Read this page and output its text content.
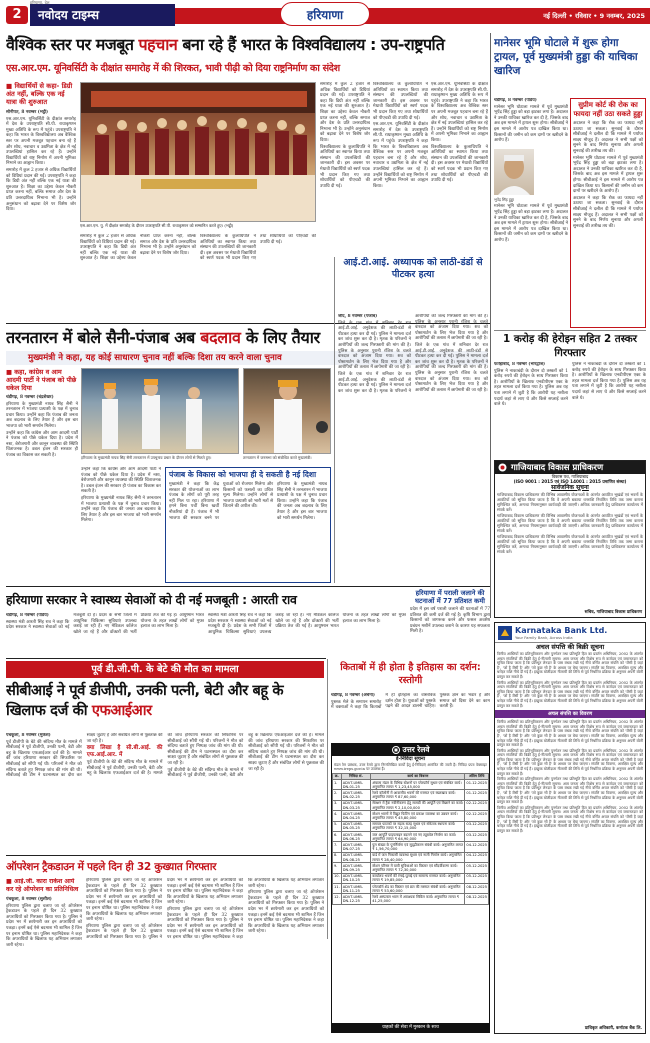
2	नवोदय टाइम्स
हरियाणा, देश
हरियाणा	नई दिल्ली • रविवार • 9 नवम्बर, 2025
वैश्विक स्तर पर मजबूत पहचान बना रहे हैं भारत के विश्वविद्यालय : उप-राष्ट्रपति
एस.आर.एम. यूनिवर्सिटी के दीक्षांत समारोह में की शिरकत, भावी पीढ़ी को दिया राष्ट्रनिर्माण का संदेश
■ विद्यार्थियों से कहा- डिग्री अंत नहीं, बल्कि एक नई यात्रा की शुरुआत

सोनीपत, 8 नवम्बर (भट्ठी)

एस.आर.एम. यूनिवर्सिटी के दीक्षांत समारोह में देश के उपराष्ट्रपति सी.पी. राधाकृष्णन मुख्य अतिथि के रूप में पहुंचे। उपराष्ट्रपति ने कहा कि भारत के विश्वविद्यालय अब वैश्विक स्तर पर अपनी मजबूत पहचान बना रहे हैं और शोध, नवाचार व उद्यमिता के क्षेत्र में नई उपलब्धियां हासिल कर रहे हैं। उन्होंने विद्यार्थियों को राष्ट्र निर्माण में अपनी भूमिका निभाने का आह्वान किया।

समारोह में कुल 2 हजार से अधिक विद्यार्थियों को डिग्रियां प्रदान की गईं। उपराष्ट्रपति ने कहा कि डिग्री अंत नहीं बल्कि एक नई यात्रा की शुरुआत है। शिक्षा का उद्देश्य केवल नौकरी प्राप्त करना नहीं, बल्कि समाज और देश के प्रति उत्तरदायित्व निभाना भी है। उन्होंने अनुसंधान को बढ़ावा देने पर विशेष जोर दिया।

एस.आर.एम. यू. में दीक्षांत समारोह के दौरान उपराष्ट्रपति सी.पी. राधाकृष्णन को सम्मानित करते हुए। (भट्ठी)

समारोह में कुल 2 हजार से अधिक विद्यार्थियों को डिग्रियां प्रदान की गईं। उपराष्ट्रपति ने कहा कि डिग्री अंत नहीं बल्कि एक नई यात्रा की शुरुआत है। शिक्षा का उद्देश्य केवल नौकरी प्राप्त करना नहीं, बल्कि समाज और देश के प्रति उत्तरदायित्व निभाना भी है। उन्होंने अनुसंधान को बढ़ावा देने पर विशेष जोर दिया।

विश्वविद्यालय के कुलाधिपति ने अतिथियों का स्वागत किया तथा संस्थान की उपलब्धियों की जानकारी दी। इस अवसर पर मेधावी विद्यार्थियों को स्वर्ण पदक भी प्रदान किए गए तथा शोधार्थियों को पीएचडी की उपाधि दी गई।

विश्वविद्यालय के कुलाधिपति ने अतिथियों का स्वागत किया तथा संस्थान की उपलब्धियों की जानकारी दी। इस अवसर पर मेधावी विद्यार्थियों को स्वर्ण पदक भी प्रदान किए गए तथा शोधार्थियों को पीएचडी की उपाधि दी गई।

एस.आर.एम. यूनिवर्सिटी के दीक्षांत समारोह में देश के उपराष्ट्रपति सी.पी. राधाकृष्णन मुख्य अतिथि के रूप में पहुंचे। उपराष्ट्रपति ने कहा कि भारत के विश्वविद्यालय अब वैश्विक स्तर पर अपनी मजबूत पहचान बना रहे हैं और शोध, नवाचार व उद्यमिता के क्षेत्र में नई उपलब्धियां हासिल कर रहे हैं। उन्होंने विद्यार्थियों को राष्ट्र निर्माण में अपनी भूमिका निभाने का आह्वान किया।

एस.आर.एम. यूनिवर्सिटी के दीक्षांत समारोह में देश के उपराष्ट्रपति सी.पी. राधाकृष्णन मुख्य अतिथि के रूप में पहुंचे। उपराष्ट्रपति ने कहा कि भारत के विश्वविद्यालय अब वैश्विक स्तर पर अपनी मजबूत पहचान बना रहे हैं और शोध, नवाचार व उद्यमिता के क्षेत्र में नई उपलब्धियां हासिल कर रहे हैं। उन्होंने विद्यार्थियों को राष्ट्र निर्माण में अपनी भूमिका निभाने का आह्वान किया।

विश्वविद्यालय के कुलाधिपति ने अतिथियों का स्वागत किया तथा संस्थान की उपलब्धियों की जानकारी दी। इस अवसर पर मेधावी विद्यार्थियों को स्वर्ण पदक भी प्रदान किए गए तथा शोधार्थियों को पीएचडी की उपाधि दी गई।

समारोह में कुल 2 हजार से अधिक विद्यार्थियों को डिग्रियां प्रदान की गईं। उपराष्ट्रपति ने कहा कि डिग्री अंत नहीं बल्कि एक नई यात्रा की शुरुआत है। शिक्षा का उद्देश्य केवल नौकरी प्राप्त करना नहीं, बल्कि समाज और देश के प्रति उत्तरदायित्व निभाना भी है। उन्होंने अनुसंधान को बढ़ावा देने पर विशेष जोर दिया।

विश्वविद्यालय के कुलाधिपति ने अतिथियों का स्वागत किया तथा संस्थान की उपलब्धियों की जानकारी दी। इस अवसर पर मेधावी विद्यार्थियों को स्वर्ण पदक भी प्रदान किए गए तथा शोधार्थियों को पीएचडी की उपाधि दी गई।

मानेसर भूमि घोटाले में शुरू होगा ट्रायल, पूर्व मुख्यमंत्री हुड्डा की याचिका खारिज

चंडीगढ़, 8 नवम्बर (पांडेय)

मानेसर भूमि घोटाला मामले में पूर्व मुख्यमंत्री भूपेंद्र सिंह हुड्डा को बड़ा झटका लगा है। अदालत ने उनकी याचिका खारिज कर दी है, जिसके बाद अब इस मामले में ट्रायल शुरू होगा। सीबीआई ने इस मामले में आरोप पत्र दाखिल किया था। किसानों की जमीन को कम दामों पर खरीदने के आरोप हैं।

भूपेंद्र सिंह हुड्डा

मानेसर भूमि घोटाला मामले में पूर्व मुख्यमंत्री भूपेंद्र सिंह हुड्डा को बड़ा झटका लगा है। अदालत ने उनकी याचिका खारिज कर दी है, जिसके बाद अब इस मामले में ट्रायल शुरू होगा। सीबीआई ने इस मामले में आरोप पत्र दाखिल किया था। किसानों की जमीन को कम दामों पर खरीदने के आरोप हैं।

सुप्रीम कोर्ट की रोक का फायदा नहीं उठा सकते हुड्डा

अदालत ने कहा कि रोक का फायदा नहीं उठाया जा सकता। सुनवाई के दौरान सीबीआई ने दलील दी कि मामले में पर्याप्त साक्ष्य मौजूद हैं। अदालत ने सभी पक्षों को सुनने के बाद निर्णय सुनाया और अगली सुनवाई की तारीख तय की।

मानेसर भूमि घोटाला मामले में पूर्व मुख्यमंत्री भूपेंद्र सिंह हुड्डा को बड़ा झटका लगा है। अदालत ने उनकी याचिका खारिज कर दी है, जिसके बाद अब इस मामले में ट्रायल शुरू होगा। सीबीआई ने इस मामले में आरोप पत्र दाखिल किया था। किसानों की जमीन को कम दामों पर खरीदने के आरोप हैं।

अदालत ने कहा कि रोक का फायदा नहीं उठाया जा सकता। सुनवाई के दौरान सीबीआई ने दलील दी कि मामले में पर्याप्त साक्ष्य मौजूद हैं। अदालत ने सभी पक्षों को सुनने के बाद निर्णय सुनाया और अगली सुनवाई की तारीख तय की।

तरनतारन में बोले सैनी-पंजाब अब बदलाव के लिए तैयार
मुख्यमंत्री ने कहा, यह कोई साधारण चुनाव नहीं बल्कि दिशा तय करने वाला चुनाव
■ कहा, कांग्रेस व आम आदमी पार्टी ने पंजाब को पीछे धकेल दिया

चंडीगढ़, 8 नवम्बर (चंद्रशेखर)

हरियाणा के मुख्यमंत्री नायब सिंह सैनी ने तरनतारन में भाजपा प्रत्याशी के पक्ष में चुनाव प्रचार किया। उन्होंने कहा कि पंजाब की जनता अब बदलाव के लिए तैयार है और इस बार भाजपा को भारी समर्थन मिलेगा।

उन्होंने कहा कि कांग्रेस और आम आदमी पार्टी ने पंजाब को पीछे धकेल दिया है। प्रदेश में नशा, बेरोजगारी और कानून व्यवस्था की स्थिति चिंताजनक है। डबल इंजन की सरकार ही पंजाब का विकास कर सकती है।	हरियाणा के मुख्यमंत्री नायब सिंह सैनी तरनतारन में उपचुनाव प्रचार के दौरान लोगों से मिलते हुए।	तरनतारन में जनसभा को संबोधित करते मुख्यमंत्री।

उन्होंने कहा कि कांग्रेस और आम आदमी पार्टी ने पंजाब को पीछे धकेल दिया है। प्रदेश में नशा, बेरोजगारी और कानून व्यवस्था की स्थिति चिंताजनक है। डबल इंजन की सरकार ही पंजाब का विकास कर सकती है।

हरियाणा के मुख्यमंत्री नायब सिंह सैनी ने तरनतारन में भाजपा प्रत्याशी के पक्ष में चुनाव प्रचार किया। उन्होंने कहा कि पंजाब की जनता अब बदलाव के लिए तैयार है और इस बार भाजपा को भारी समर्थन मिलेगा।

पंजाब के विकास को भाजपा ही दे सकती है नई दिशा

मुख्यमंत्री ने कहा कि केंद्र सरकार की योजनाओं का लाभ पंजाब के लोगों को पूरी तरह नहीं मिल पा रहा। हरियाणा में हमने बिना पर्ची बिना खर्ची नौकरियां दी हैं। पंजाब में भी भाजपा की सरकार बनने पर युवाओं को रोजगार मिलेगा और किसानों को फसलों का उचित मूल्य मिलेगा। उन्होंने लोगों से भाजपा प्रत्याशी को भारी मतों से जिताने की अपील की।

हरियाणा के मुख्यमंत्री नायब सिंह सैनी ने तरनतारन में भाजपा प्रत्याशी के पक्ष में चुनाव प्रचार किया। उन्होंने कहा कि पंजाब की जनता अब बदलाव के लिए तैयार है और इस बार भाजपा को भारी समर्थन मिलेगा।

आई.टी.आई. अध्यापक को लाठी-डंडों से पीटकर हत्या

जींद, 8 नवम्बर (पंजाब)

जिले के एक गांव में शनिवार देर रात आई.टी.आई. अनुदेशक की लाठी-डंडों से पीटकर हत्या कर दी गई। पुलिस ने मामला दर्ज कर जांच शुरू कर दी है। मृतक के परिजनों ने आरोपियों की जल्द गिरफ्तारी की मांग की है। पुलिस के अनुसार पुरानी रंजिश के चलते वारदात को अंजाम दिया गया। शव को पोस्टमार्टम के लिए भेज दिया गया है और आरोपियों की तलाश में छापेमारी की जा रही है।

जिले के एक गांव में शनिवार देर रात आई.टी.आई. अनुदेशक की लाठी-डंडों से पीटकर हत्या कर दी गई। पुलिस ने मामला दर्ज कर जांच शुरू कर दी है। मृतक के परिजनों ने आरोपियों की जल्द गिरफ्तारी की मांग की है। पुलिस के अनुसार पुरानी रंजिश के चलते वारदात को अंजाम दिया गया। शव को पोस्टमार्टम के लिए भेज दिया गया है और आरोपियों की तलाश में छापेमारी की जा रही है।

जिले के एक गांव में शनिवार देर रात आई.टी.आई. अनुदेशक की लाठी-डंडों से पीटकर हत्या कर दी गई। पुलिस ने मामला दर्ज कर जांच शुरू कर दी है। मृतक के परिजनों ने आरोपियों की जल्द गिरफ्तारी की मांग की है। पुलिस के अनुसार पुरानी रंजिश के चलते वारदात को अंजाम दिया गया। शव को पोस्टमार्टम के लिए भेज दिया गया है और आरोपियों की तलाश में छापेमारी की जा रही है।

1 करोड़ की हेरोइन सहित 2 तस्कर गिरफ्तार

फतेहाबाद, 8 नवम्बर (भारद्वाज)

पुलिस ने नाकाबंदी के दौरान दो तस्करों को 1 करोड़ रुपये की हेरोइन के साथ गिरफ्तार किया है। आरोपियों के खिलाफ एनडीपीएस एक्ट के तहत मामला दर्ज किया गया है। पुलिस अब यह पता लगाने में जुटी है कि आरोपी यह नशीला पदार्थ कहां से लाए थे और किसे सप्लाई करने वाले थे।

पुलिस ने नाकाबंदी के दौरान दो तस्करों को 1 करोड़ रुपये की हेरोइन के साथ गिरफ्तार किया है। आरोपियों के खिलाफ एनडीपीएस एक्ट के तहत मामला दर्ज किया गया है। पुलिस अब यह पता लगाने में जुटी है कि आरोपी यह नशीला पदार्थ कहां से लाए थे और किसे सप्लाई करने वाले थे।

गाजियाबाद विकास प्राधिकरण
विकास पथ, गाजियाबाद
(ISO 9001 : 2015 एवं ISO 14001 : 2015 प्रमाणित संस्था)
सार्वजनिक सूचना

गाजियाबाद विकास प्राधिकरण की विभिन्न आवासीय योजनाओं के अंतर्गत आवंटित भूखंडों एवं भवनों के आवंटियों को सूचित किया जाता है कि वे अपनी बकाया धनराशि निर्धारित तिथि तक जमा कराना सुनिश्चित करें, अन्यथा नियमानुसार कार्यवाही की जाएगी। अधिक जानकारी हेतु प्राधिकरण कार्यालय में संपर्क करें।

गाजियाबाद विकास प्राधिकरण की विभिन्न आवासीय योजनाओं के अंतर्गत आवंटित भूखंडों एवं भवनों के आवंटियों को सूचित किया जाता है कि वे अपनी बकाया धनराशि निर्धारित तिथि तक जमा कराना सुनिश्चित करें, अन्यथा नियमानुसार कार्यवाही की जाएगी। अधिक जानकारी हेतु प्राधिकरण कार्यालय में संपर्क करें।

गाजियाबाद विकास प्राधिकरण की विभिन्न आवासीय योजनाओं के अंतर्गत आवंटित भूखंडों एवं भवनों के आवंटियों को सूचित किया जाता है कि वे अपनी बकाया धनराशि निर्धारित तिथि तक जमा कराना सुनिश्चित करें, अन्यथा नियमानुसार कार्यवाही की जाएगी। अधिक जानकारी हेतु प्राधिकरण कार्यालय में संपर्क करें।

सचिव, गाजियाबाद विकास प्राधिकरण
हरियाणा सरकार ने स्वास्थ्य सेवाओं को दी नई मजबूती : आरती राव

चंडीगढ़, 8 नवम्बर (पांडेय)

स्वास्थ्य मंत्री आरती सिंह राव ने कहा कि प्रदेश सरकार ने स्वास्थ्य सेवाओं को नई मजबूती दी है। प्रदेश के सभी जिलों में आधुनिक चिकित्सा सुविधाएं उपलब्ध कराई जा रही हैं। नए मेडिकल कॉलेज खोले जा रहे हैं और डॉक्टरों की भर्ती प्रक्रिया तेज की गई है। आयुष्मान भारत योजना के तहत लाखों लोगों को मुफ्त इलाज का लाभ मिला है।

स्वास्थ्य मंत्री आरती सिंह राव ने कहा कि प्रदेश सरकार ने स्वास्थ्य सेवाओं को नई मजबूती दी है। प्रदेश के सभी जिलों में आधुनिक चिकित्सा सुविधाएं उपलब्ध कराई जा रही हैं। नए मेडिकल कॉलेज खोले जा रहे हैं और डॉक्टरों की भर्ती प्रक्रिया तेज की गई है। आयुष्मान भारत योजना के तहत लाखों लोगों को मुफ्त इलाज का लाभ मिला है।

हरियाणा में पराली जलाने की घटनाओं में 77 प्रतिशत कमी

प्रदेश में इस वर्ष पराली जलाने की घटनाओं में 77 प्रतिशत की कमी दर्ज की गई है। कृषि विभाग द्वारा किसानों को जागरूक करने और फसल अवशेष प्रबंधन मशीनें उपलब्ध कराने के कारण यह सफलता मिली है।

पूर्व डी.जी.पी. के बेटे की मौत का मामला
सीबीआई ने पूर्व डीजीपी, उनकी पत्नी, बेटी और बहू के खिलाफ दर्ज की एफआईआर

पंचकूला, 8 नवम्बर (मुकेश)

पूर्व डीजीपी के बेटे की संदिग्ध मौत के मामले में सीबीआई ने पूर्व डीजीपी, उनकी पत्नी, बेटी और बहू के खिलाफ एफआईआर दर्ज की है। मामले की जांच हरियाणा सरकार की सिफारिश पर सीबीआई को सौंपी गई थी। परिजनों ने मौत को संदिग्ध बताते हुए निष्पक्ष जांच की मांग की थी। सीबीआई की टीम ने घटनास्थल का दौरा कर साक्ष्य जुटाए हैं और संबंधित लोगों से पूछताछ की जा रही है।

क्या लिखा है सी.बी.आई. की एफ.आई.आर. में

पूर्व डीजीपी के बेटे की संदिग्ध मौत के मामले में सीबीआई ने पूर्व डीजीपी, उनकी पत्नी, बेटी और बहू के खिलाफ एफआईआर दर्ज की है। मामले की जांच हरियाणा सरकार की सिफारिश पर सीबीआई को सौंपी गई थी। परिजनों ने मौत को संदिग्ध बताते हुए निष्पक्ष जांच की मांग की थी। सीबीआई की टीम ने घटनास्थल का दौरा कर साक्ष्य जुटाए हैं और संबंधित लोगों से पूछताछ की जा रही है।

पूर्व डीजीपी के बेटे की संदिग्ध मौत के मामले में सीबीआई ने पूर्व डीजीपी, उनकी पत्नी, बेटी और बहू के खिलाफ एफआईआर दर्ज की है। मामले की जांच हरियाणा सरकार की सिफारिश पर सीबीआई को सौंपी गई थी। परिजनों ने मौत को संदिग्ध बताते हुए निष्पक्ष जांच की मांग की थी। सीबीआई की टीम ने घटनास्थल का दौरा कर साक्ष्य जुटाए हैं और संबंधित लोगों से पूछताछ की जा रही है।

किताबों में ही होता है इतिहास का दर्शन: रस्तोगी

चंडीगढ़, 8 नवम्बर (अर्चना)

पुस्तक मेले के समापन समारोह में वक्ताओं ने कहा कि किताबों में ही इतिहास का वास्तविक दर्शन होता है। युवाओं को पुस्तकें पढ़ने की आदत डालनी चाहिए। पुस्तकें ज्ञान का भंडार हैं और समाज को दिशा देने का काम करती हैं।

उत्तर रेलवे
ई-निविदा सूचना
मंडल रेल प्रबंधक, उत्तर रेलवे द्वारा निम्नलिखित कार्यों हेतु ई-निविदाएं आमंत्रित की जाती हैं। निविदा प्रपत्र वेबसाइट www.ireps.gov.in पर उपलब्ध हैं।
क्र.	निविदा सं.	कार्य का विवरण	अंतिम तिथि
1.	ADVT-UMB-DN-01-25	अंबाला मंडल के विभिन्न स्टेशनों पर प्लेटफॉर्म सुधार एवं संबंधित कार्य। अनुमानित लागत ₹ 1,23,45,000	01.12.2025
2.	ADVT-UMB-DN-02-25	रेलवे कॉलोनी में आवासीय भवनों की मरम्मत एवं रखरखाव कार्य। अनुमानित लागत ₹ 87,60,000	01.12.2025
3.	ADVT-UMB-DN-03-25	सेक्शन में ट्रैक नवीनीकरण हेतु सामग्री की आपूर्ति एवं बिछाने का कार्य। अनुमानित लागत ₹ 2,10,00,000	02.12.2025
4.	ADVT-UMB-DN-04-25	स्टेशन भवनों में विद्युत फिटिंग एवं प्रकाश व्यवस्था का उन्नयन कार्य। अनुमानित लागत ₹ 45,80,000	02.12.2025
5.	ADVT-UMB-DN-05-25	समपार फाटकों पर सड़क सतह सुधार एवं संकेतक स्थापना कार्य। अनुमानित लागत ₹ 32,15,000	03.12.2025
6.	ADVT-UMB-DN-06-25	जल आपूर्ति पाइपलाइन बदलने एवं नए ट्यूबवेल निर्माण का कार्य। अनुमानित लागत ₹ 64,90,000	03.12.2025
7.	ADVT-UMB-DN-07-25	पुल संख्या के पुनर्निर्माण एवं सुदृढ़ीकरण संबंधी कार्य। अनुमानित लागत ₹ 1,56,70,000	04.12.2025
8.	ADVT-UMB-DN-08-25	यार्ड में जल निकासी व्यवस्था सुधार एवं नाली निर्माण कार्य। अनुमानित लागत ₹ 28,40,000	04.12.2025
9.	ADVT-UMB-DN-09-25	स्टेशन परिसर में यात्री सुविधाओं का विस्तार एवं सौंदर्यीकरण कार्य। अनुमानित लागत ₹ 72,30,000	05.12.2025
10.	ADVT-UMB-DN-10-25	कार्यालय भवनों की रंगाई-पुताई एवं सामान्य मरम्मत कार्य। अनुमानित लागत ₹ 19,85,000	05.12.2025
11.	ADVT-UMB-DN-11-25	प्लेटफॉर्म शेड का विस्तार एवं छत की मरम्मत संबंधी कार्य। अनुमानित लागत ₹ 53,60,000	08.12.2025
12.	ADVT-UMB-DN-12-25	रेलवे अस्पताल भवन में आवश्यक सिविल कार्य। अनुमानित लागत ₹ 41,25,000	08.12.2025
ग्राहकों की सेवा में मुस्कान के साथ
ऑपरेशन ट्रैकडाउन में पहले दिन ही 32 कुख्यात गिरफ्तार
■ आई.जी. कारा राकेश आर्य कर रहे ऑपरेशन का प्रतिनिधित्व

पंचकूला, 8 नवम्बर (सुशील)

हरियाणा पुलिस द्वारा चलाए जा रहे ऑपरेशन ट्रैकडाउन के पहले ही दिन 32 कुख्यात अपराधियों को गिरफ्तार किया गया है। पुलिस ने प्रदेश भर में छापेमारी कर इन अपराधियों को पकड़ा। इनमें कई ऐसे बदमाश भी शामिल हैं जिन पर इनाम घोषित था। पुलिस महानिदेशक ने कहा कि अपराधियों के खिलाफ यह अभियान लगातार जारी रहेगा।

हरियाणा पुलिस द्वारा चलाए जा रहे ऑपरेशन ट्रैकडाउन के पहले ही दिन 32 कुख्यात अपराधियों को गिरफ्तार किया गया है। पुलिस ने प्रदेश भर में छापेमारी कर इन अपराधियों को पकड़ा। इनमें कई ऐसे बदमाश भी शामिल हैं जिन पर इनाम घोषित था। पुलिस महानिदेशक ने कहा कि अपराधियों के खिलाफ यह अभियान लगातार जारी रहेगा।

हरियाणा पुलिस द्वारा चलाए जा रहे ऑपरेशन ट्रैकडाउन के पहले ही दिन 32 कुख्यात अपराधियों को गिरफ्तार किया गया है। पुलिस ने प्रदेश भर में छापेमारी कर इन अपराधियों को पकड़ा। इनमें कई ऐसे बदमाश भी शामिल हैं जिन पर इनाम घोषित था। पुलिस महानिदेशक ने कहा कि अपराधियों के खिलाफ यह अभियान लगातार जारी रहेगा।

हरियाणा पुलिस द्वारा चलाए जा रहे ऑपरेशन ट्रैकडाउन के पहले ही दिन 32 कुख्यात अपराधियों को गिरफ्तार किया गया है। पुलिस ने प्रदेश भर में छापेमारी कर इन अपराधियों को पकड़ा। इनमें कई ऐसे बदमाश भी शामिल हैं जिन पर इनाम घोषित था। पुलिस महानिदेशक ने कहा कि अपराधियों के खिलाफ यह अभियान लगातार जारी रहेगा।

हरियाणा पुलिस द्वारा चलाए जा रहे ऑपरेशन ट्रैकडाउन के पहले ही दिन 32 कुख्यात अपराधियों को गिरफ्तार किया गया है। पुलिस ने प्रदेश भर में छापेमारी कर इन अपराधियों को पकड़ा। इनमें कई ऐसे बदमाश भी शामिल हैं जिन पर इनाम घोषित था। पुलिस महानिदेशक ने कहा कि अपराधियों के खिलाफ यह अभियान लगातार जारी रहेगा।

Karnataka Bank Ltd.
Your Family Bank, Across India
अचल संपत्ति की बिक्री सूचना

वित्तीय आस्तियों का प्रतिभूतिकरण और पुनर्गठन तथा प्रतिभूति हित का प्रवर्तन अधिनियम, 2002 के अंतर्गत अचल संपत्तियों की बिक्री हेतु ई-नीलामी सूचना। आम जनता और विशेष रूप से कर्जदार एवं जमानतदार को सूचित किया जाता है कि प्रतिभूत लेनदार के पास बंधक रखी गई नीचे वर्णित अचल संपत्ति को 'जैसी है जहां है', 'जो है जैसी है' और 'जो कुछ भी है' के आधार पर बेचा जाएगा। संपत्ति का विवरण, आरक्षित मूल्य और धरोहर राशि नीचे दी गई है। इच्छुक बोलीदाता नीलामी की तिथि से पूर्व निर्धारित प्रक्रिया के अनुसार अपनी बोली प्रस्तुत कर सकते हैं।

वित्तीय आस्तियों का प्रतिभूतिकरण और पुनर्गठन तथा प्रतिभूति हित का प्रवर्तन अधिनियम, 2002 के अंतर्गत अचल संपत्तियों की बिक्री हेतु ई-नीलामी सूचना। आम जनता और विशेष रूप से कर्जदार एवं जमानतदार को सूचित किया जाता है कि प्रतिभूत लेनदार के पास बंधक रखी गई नीचे वर्णित अचल संपत्ति को 'जैसी है जहां है', 'जो है जैसी है' और 'जो कुछ भी है' के आधार पर बेचा जाएगा। संपत्ति का विवरण, आरक्षित मूल्य और धरोहर राशि नीचे दी गई है। इच्छुक बोलीदाता नीलामी की तिथि से पूर्व निर्धारित प्रक्रिया के अनुसार अपनी बोली प्रस्तुत कर सकते हैं।

अचल संपत्ति का विवरण

वित्तीय आस्तियों का प्रतिभूतिकरण और पुनर्गठन तथा प्रतिभूति हित का प्रवर्तन अधिनियम, 2002 के अंतर्गत अचल संपत्तियों की बिक्री हेतु ई-नीलामी सूचना। आम जनता और विशेष रूप से कर्जदार एवं जमानतदार को सूचित किया जाता है कि प्रतिभूत लेनदार के पास बंधक रखी गई नीचे वर्णित अचल संपत्ति को 'जैसी है जहां है', 'जो है जैसी है' और 'जो कुछ भी है' के आधार पर बेचा जाएगा। संपत्ति का विवरण, आरक्षित मूल्य और धरोहर राशि नीचे दी गई है। इच्छुक बोलीदाता नीलामी की तिथि से पूर्व निर्धारित प्रक्रिया के अनुसार अपनी बोली प्रस्तुत कर सकते हैं।

वित्तीय आस्तियों का प्रतिभूतिकरण और पुनर्गठन तथा प्रतिभूति हित का प्रवर्तन अधिनियम, 2002 के अंतर्गत अचल संपत्तियों की बिक्री हेतु ई-नीलामी सूचना। आम जनता और विशेष रूप से कर्जदार एवं जमानतदार को सूचित किया जाता है कि प्रतिभूत लेनदार के पास बंधक रखी गई नीचे वर्णित अचल संपत्ति को 'जैसी है जहां है', 'जो है जैसी है' और 'जो कुछ भी है' के आधार पर बेचा जाएगा। संपत्ति का विवरण, आरक्षित मूल्य और धरोहर राशि नीचे दी गई है। इच्छुक बोलीदाता नीलामी की तिथि से पूर्व निर्धारित प्रक्रिया के अनुसार अपनी बोली प्रस्तुत कर सकते हैं।

वित्तीय आस्तियों का प्रतिभूतिकरण और पुनर्गठन तथा प्रतिभूति हित का प्रवर्तन अधिनियम, 2002 के अंतर्गत अचल संपत्तियों की बिक्री हेतु ई-नीलामी सूचना। आम जनता और विशेष रूप से कर्जदार एवं जमानतदार को सूचित किया जाता है कि प्रतिभूत लेनदार के पास बंधक रखी गई नीचे वर्णित अचल संपत्ति को 'जैसी है जहां है', 'जो है जैसी है' और 'जो कुछ भी है' के आधार पर बेचा जाएगा। संपत्ति का विवरण, आरक्षित मूल्य और धरोहर राशि नीचे दी गई है। इच्छुक बोलीदाता नीलामी की तिथि से पूर्व निर्धारित प्रक्रिया के अनुसार अपनी बोली प्रस्तुत कर सकते हैं।

वित्तीय आस्तियों का प्रतिभूतिकरण और पुनर्गठन तथा प्रतिभूति हित का प्रवर्तन अधिनियम, 2002 के अंतर्गत अचल संपत्तियों की बिक्री हेतु ई-नीलामी सूचना। आम जनता और विशेष रूप से कर्जदार एवं जमानतदार को सूचित किया जाता है कि प्रतिभूत लेनदार के पास बंधक रखी गई नीचे वर्णित अचल संपत्ति को 'जैसी है जहां है', 'जो है जैसी है' और 'जो कुछ भी है' के आधार पर बेचा जाएगा। संपत्ति का विवरण, आरक्षित मूल्य और धरोहर राशि नीचे दी गई है। इच्छुक बोलीदाता नीलामी की तिथि से पूर्व निर्धारित प्रक्रिया के अनुसार अपनी बोली प्रस्तुत कर सकते हैं।

प्राधिकृत अधिकारी, कर्नाटक बैंक लि.
